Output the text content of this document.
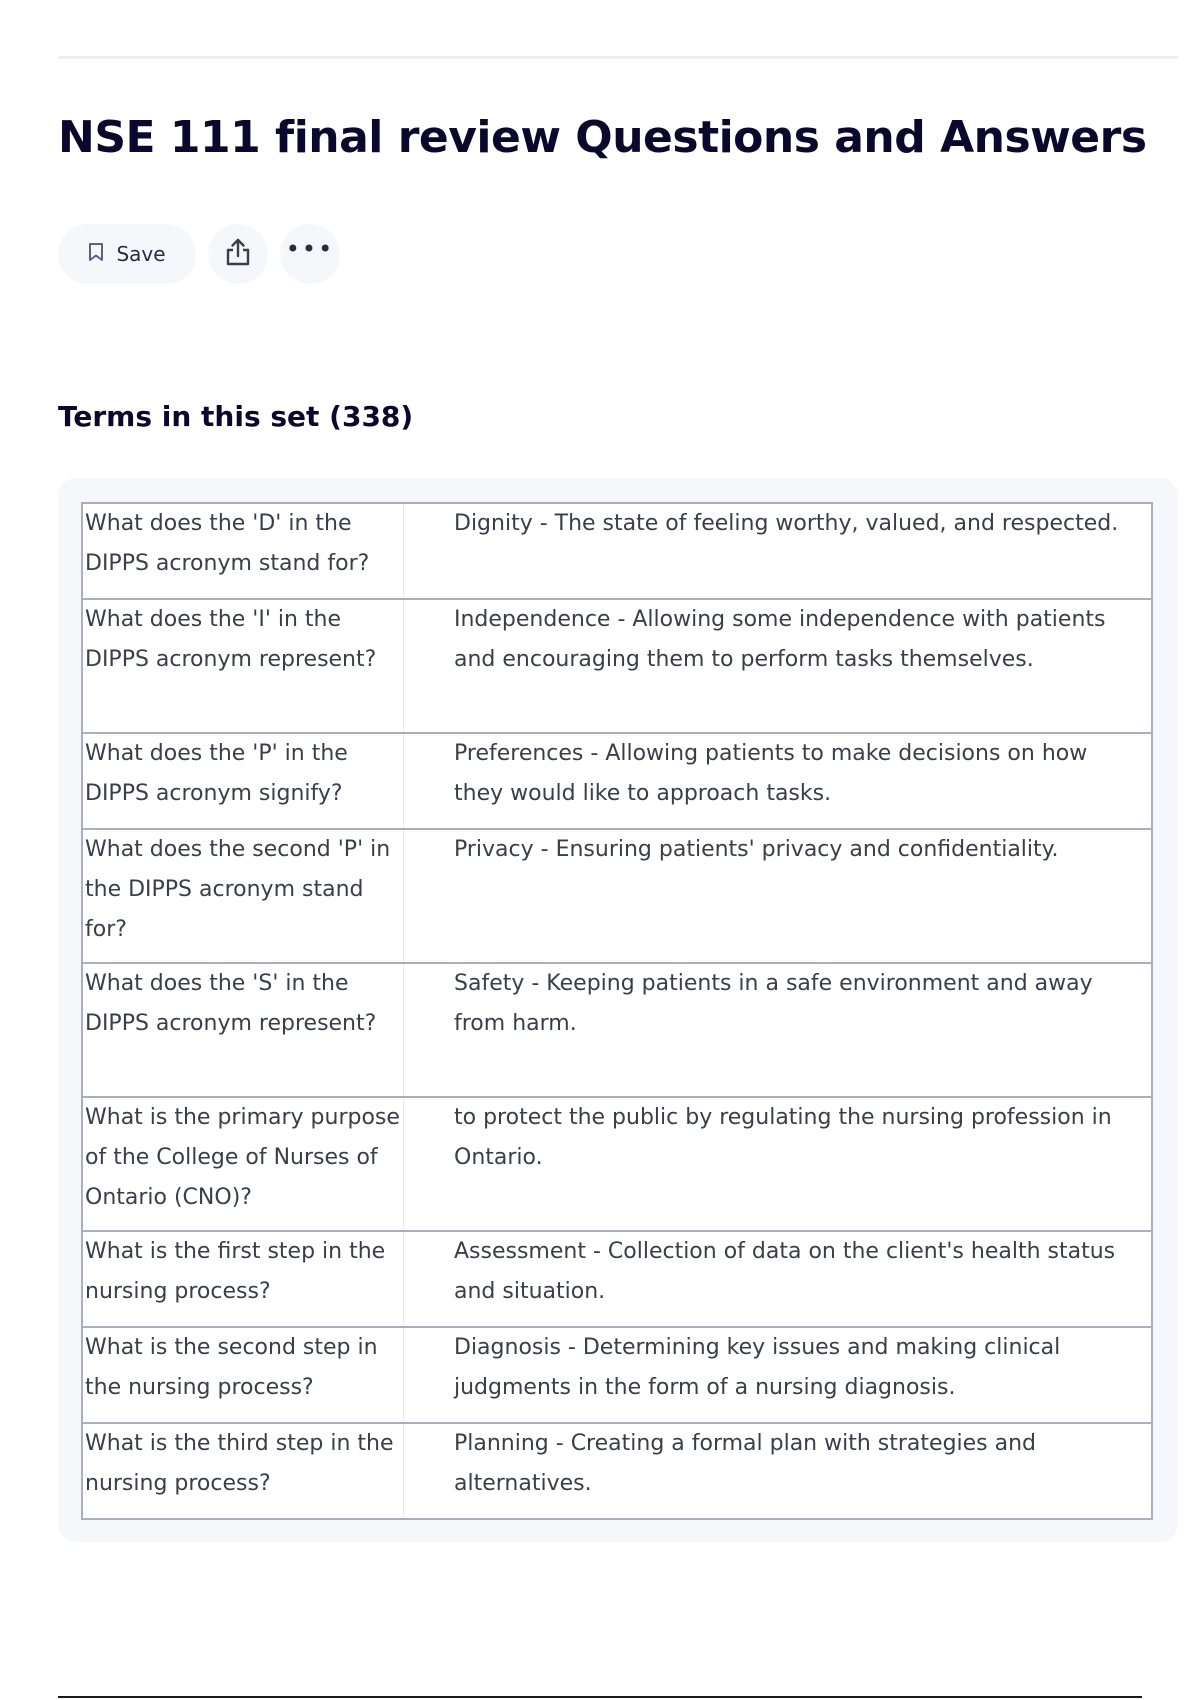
NSE 111 final review Questions and Answers
Save	•••
Terms in this set (338)
What does the 'D' in the DIPPS acronym stand for?	Dignity - The state of feeling worthy, valued, and respected.
What does the 'I' in the DIPPS acronym represent?	Independence - Allowing some independence with patients and encouraging them to perform tasks themselves.
What does the 'P' in the DIPPS acronym signify?	Preferences - Allowing patients to make decisions on how they would like to approach tasks.
What does the second 'P' in the DIPPS acronym stand for?	Privacy - Ensuring patients' privacy and confidentiality.
What does the 'S' in the DIPPS acronym represent?	Safety - Keeping patients in a safe environment and away from harm.
What is the primary purpose of the College of Nurses of Ontario (CNO)?	to protect the public by regulating the nursing profession in Ontario.
What is the first step in the nursing process?	Assessment - Collection of data on the client's health status and situation.
What is the second step in the nursing process?	Diagnosis - Determining key issues and making clinical judgments in the form of a nursing diagnosis.
What is the third step in the nursing process?	Planning - Creating a formal plan with strategies and alternatives.
